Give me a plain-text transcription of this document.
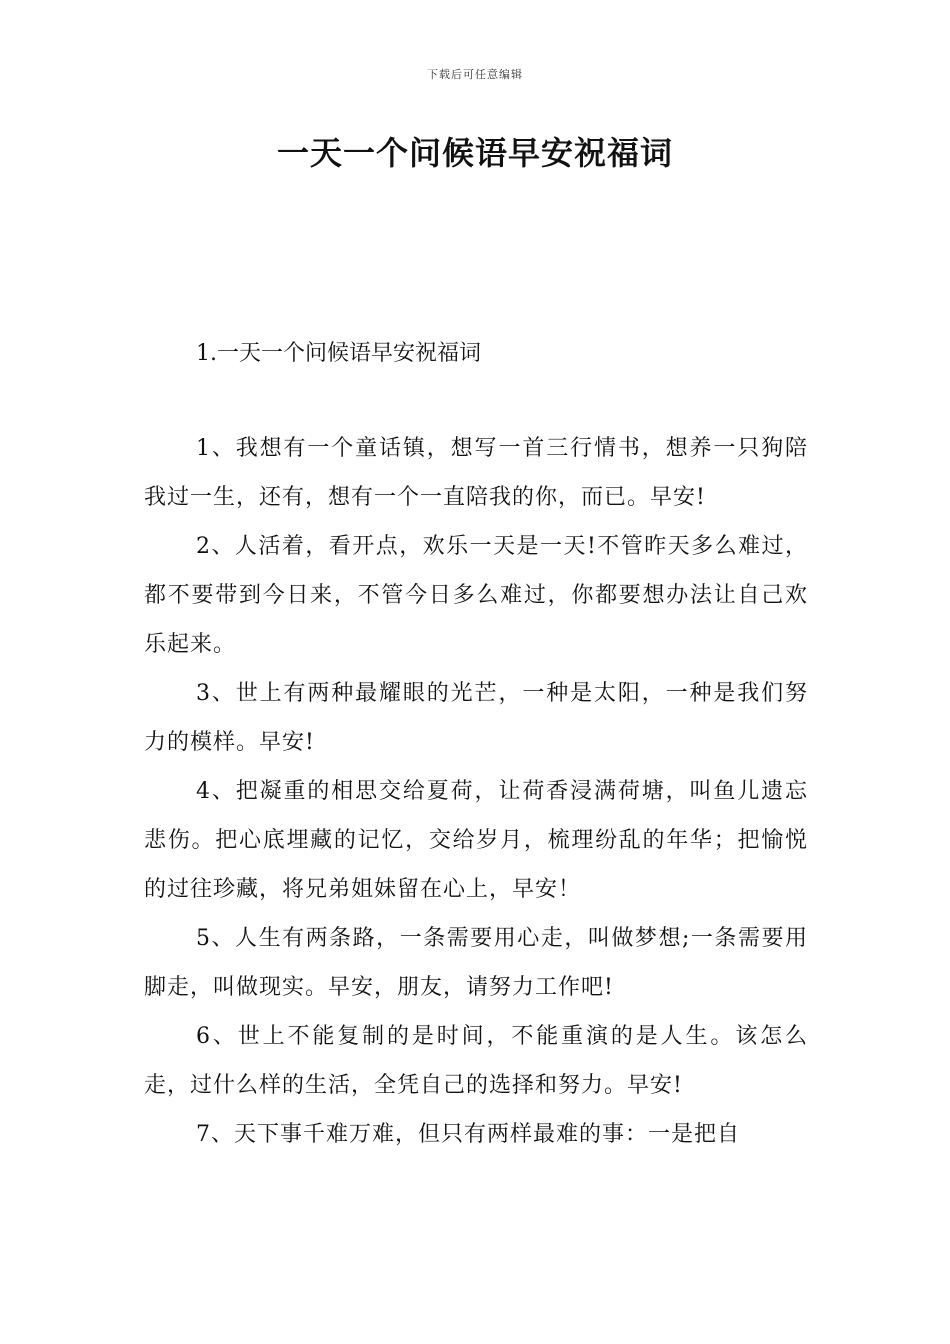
下载后可任意编辑
一天一个问候语早安祝福词
1.一天一个问候语早安祝福词

1、我想有一个童话镇，想写一首三行情书，想养一只狗陪我过一生，还有，想有一个一直陪我的你，而已。早安!

2、人活着，看开点，欢乐一天是一天!不管昨天多么难过，都不要带到今日来，不管今日多么难过，你都要想办法让自己欢乐起来。

3、世上有两种最耀眼的光芒，一种是太阳，一种是我们努力的模样。早安!

4、把凝重的相思交给夏荷，让荷香浸满荷塘，叫鱼儿遗忘悲伤。把心底埋藏的记忆，交给岁月，梳理纷乱的年华；把愉悦的过往珍藏，将兄弟姐妹留在心上，早安！

5、人生有两条路，一条需要用心走，叫做梦想;一条需要用脚走，叫做现实。早安，朋友，请努力工作吧!

6、世上不能复制的是时间，不能重演的是人生。该怎么走，过什么样的生活，全凭自己的选择和努力。早安!

7、天下事千难万难，但只有两样最难的事：一是把自
